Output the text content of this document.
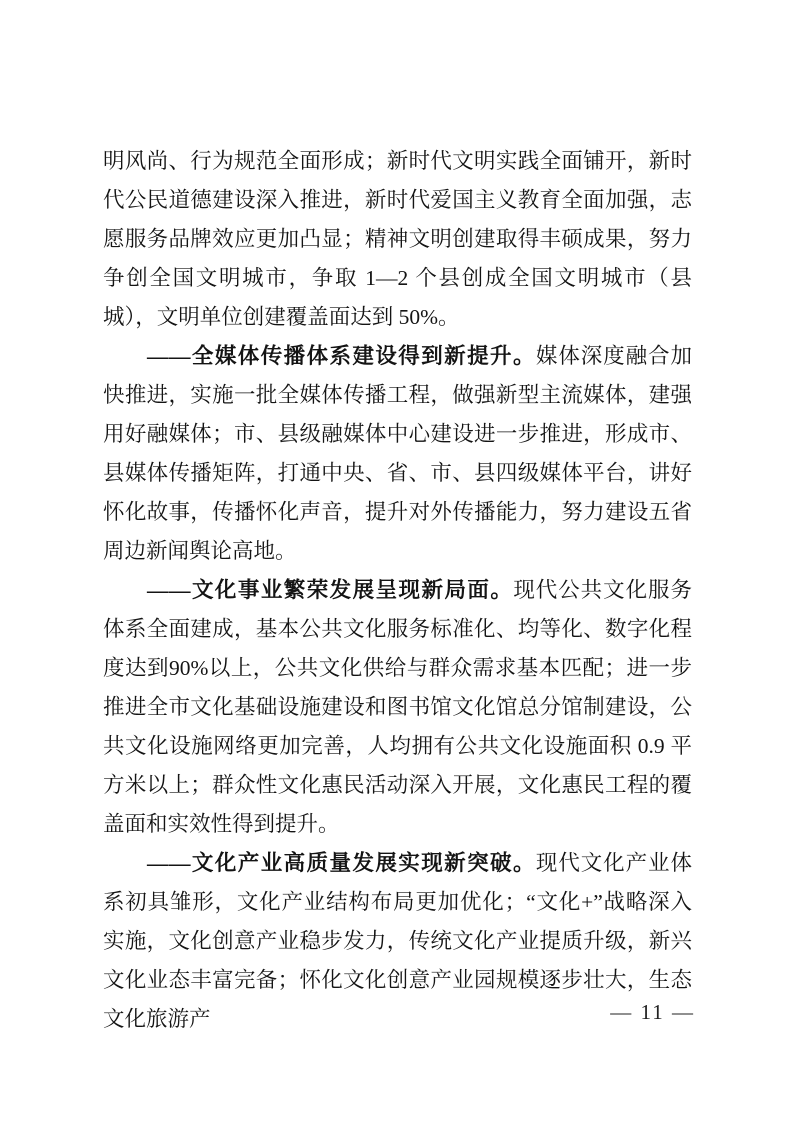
明风尚、行为规范全面形成；新时代文明实践全面铺开，新时代公民道德建设深入推进，新时代爱国主义教育全面加强，志愿服务品牌效应更加凸显；精神文明创建取得丰硕成果，努力争创全国文明城市，争取 1—2 个县创成全国文明城市（县城），文明单位创建覆盖面达到 50%。

——全媒体传播体系建设得到新提升。媒体深度融合加快推进，实施一批全媒体传播工程，做强新型主流媒体，建强用好融媒体；市、县级融媒体中心建设进一步推进，形成市、县媒体传播矩阵，打通中央、省、市、县四级媒体平台，讲好怀化故事，传播怀化声音，提升对外传播能力，努力建设五省周边新闻舆论高地。

——文化事业繁荣发展呈现新局面。现代公共文化服务体系全面建成，基本公共文化服务标准化、均等化、数字化程度达到90%以上，公共文化供给与群众需求基本匹配；进一步推进全市文化基础设施建设和图书馆文化馆总分馆制建设，公共文化设施网络更加完善，人均拥有公共文化设施面积 0.9 平方米以上；群众性文化惠民活动深入开展，文化惠民工程的覆盖面和实效性得到提升。

——文化产业高质量发展实现新突破。现代文化产业体系初具雏形，文化产业结构布局更加优化；“文化+”战略深入实施，文化创意产业稳步发力，传统文化产业提质升级，新兴文化业态丰富完备；怀化文化创意产业园规模逐步壮大，生态文化旅游产	— 11 —
